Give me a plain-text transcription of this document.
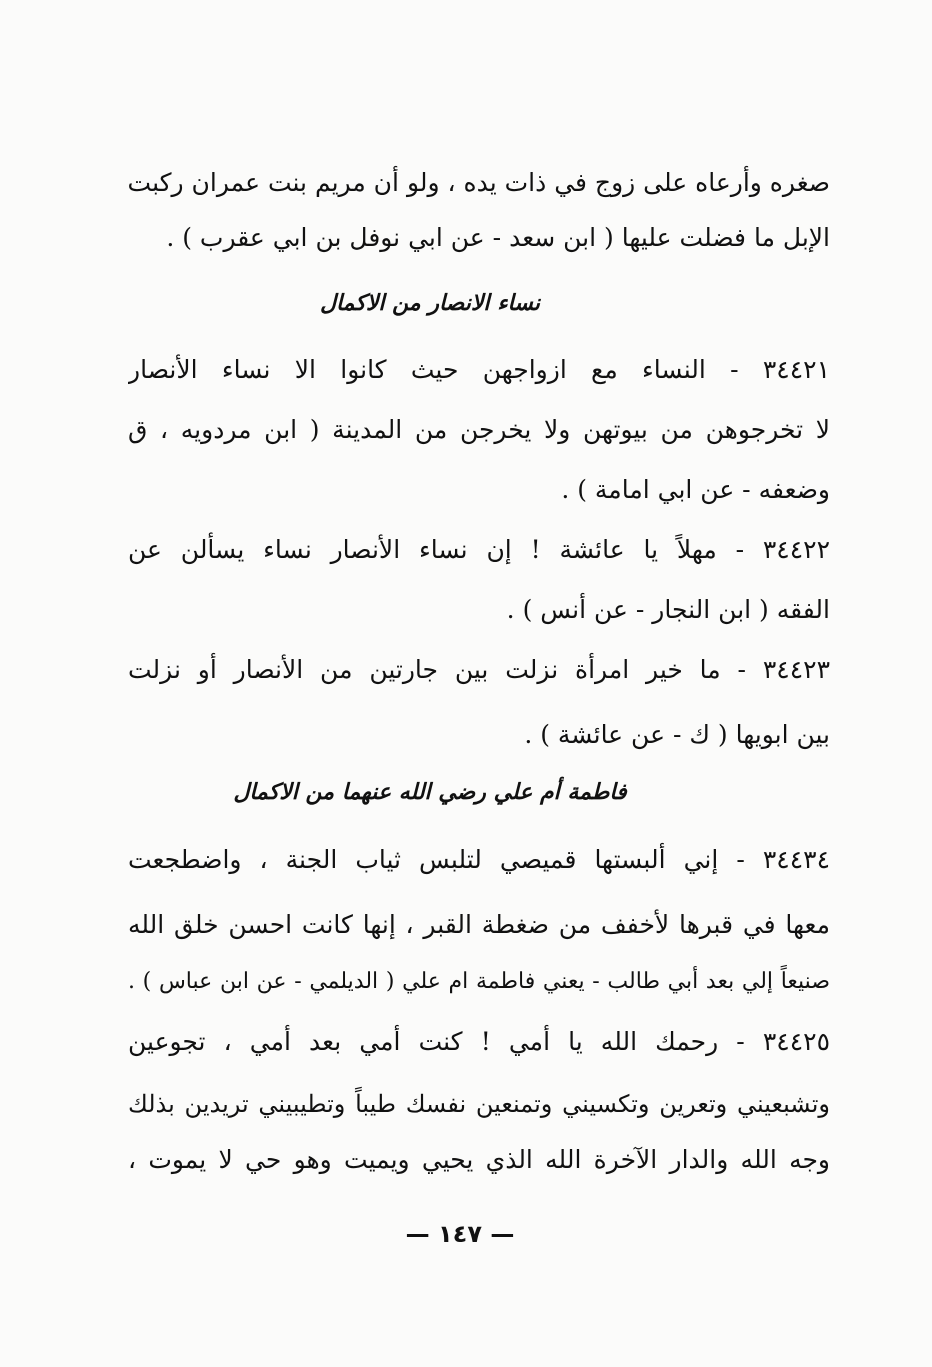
صغره وأرعاه على زوج في ذات يده ، ولو أن مريم بنت عمران ركبت
الإبل ما فضلت عليها ( ابن سعد - عن ابي نوفل بن ابي عقرب ) .
نساء الانصار من الاكمال
٣٤٤٢١ - النساء مع ازواجهن حيث كانوا الا نساء الأنصار
لا تخرجوهن من بيوتهن ولا يخرجن من المدينة ( ابن مردويه ، ق
وضعفه - عن ابي امامة ) .
٣٤٤٢٢ - مهلاً يا عائشة ! إن نساء الأنصار نساء يسألن عن
الفقه ( ابن النجار - عن أنس ) .
٣٤٤٢٣ - ما خير امرأة نزلت بين جارتين من الأنصار أو نزلت
بين ابويها ( ك - عن عائشة ) .
فاطمة أم علي رضي الله عنهما من الاكمال
٣٤٤٣٤ - إني ألبستها قميصي لتلبس ثياب الجنة ، واضطجعت
معها في قبرها لأخفف من ضغطة القبر ، إنها كانت احسن خلق الله
صنيعاً إلي بعد أبي طالب - يعني فاطمة ام علي ( الديلمي - عن ابن عباس ) .
٣٤٤٢٥ - رحمك الله يا أمي ! كنت أمي بعد أمي ، تجوعين
وتشبعيني وتعرين وتكسيني وتمنعين نفسك طيباً وتطيبيني تريدين بذلك
وجه الله والدار الآخرة الله الذي يحيي ويميت وهو حي لا يموت ،
— ١٤٧ —
